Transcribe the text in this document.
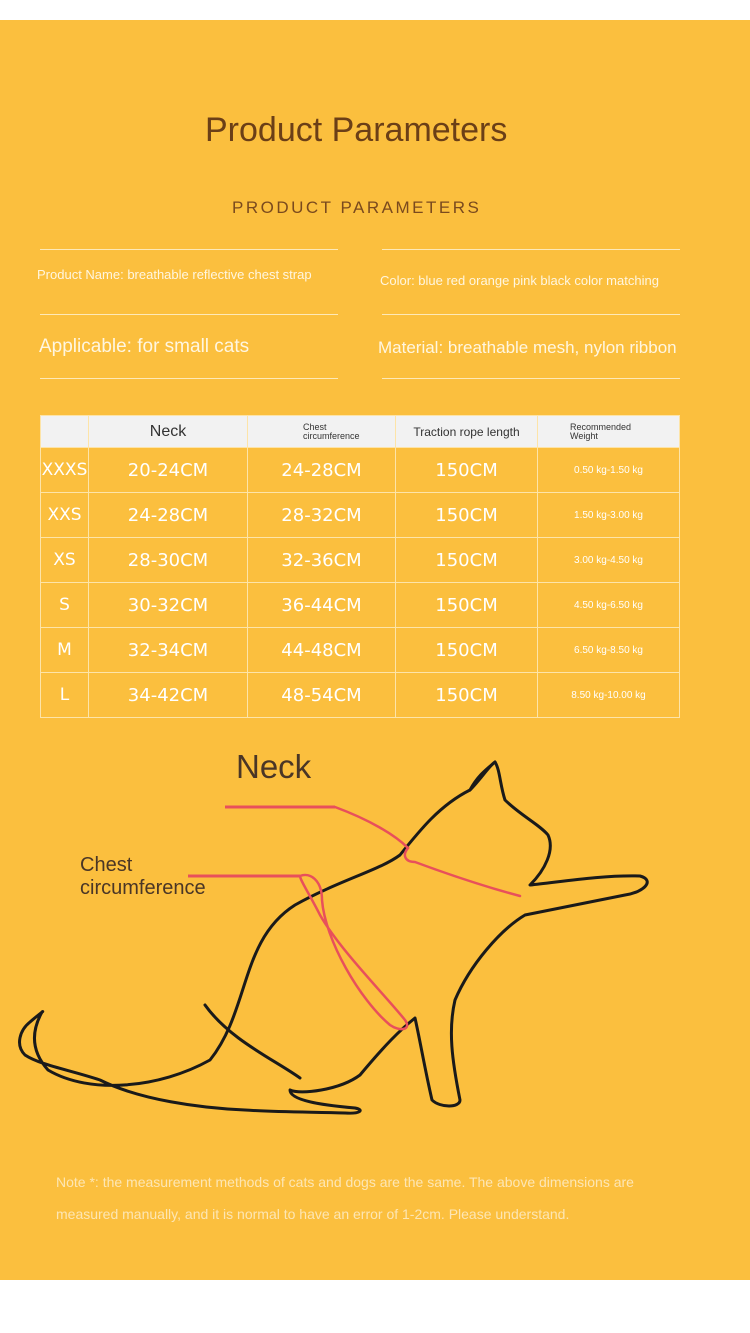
Product Parameters
PRODUCT PARAMETERS
Product Name: breathable reflective chest strap	Color: blue red orange pink black color matching
Applicable: for small cats	Material: breathable mesh, nylon ribbon
	Neck	Chest circumference	Traction rope length	Recommended Weight
XXXS	20-24CM	24-28CM	150CM	0.50 kg-1.50 kg
XXS	24-28CM	28-32CM	150CM	1.50 kg-3.00 kg
XS	28-30CM	32-36CM	150CM	3.00 kg-4.50 kg
S	30-32CM	36-44CM	150CM	4.50 kg-6.50 kg
M	32-34CM	44-48CM	150CM	6.50 kg-8.50 kg
L	34-42CM	48-54CM	150CM	8.50 kg-10.00 kg
Neck
Chest circumference
Note *: the measurement methods of cats and dogs are the same. The above dimensions are measured manually, and it is normal to have an error of 1-2cm. Please understand.
